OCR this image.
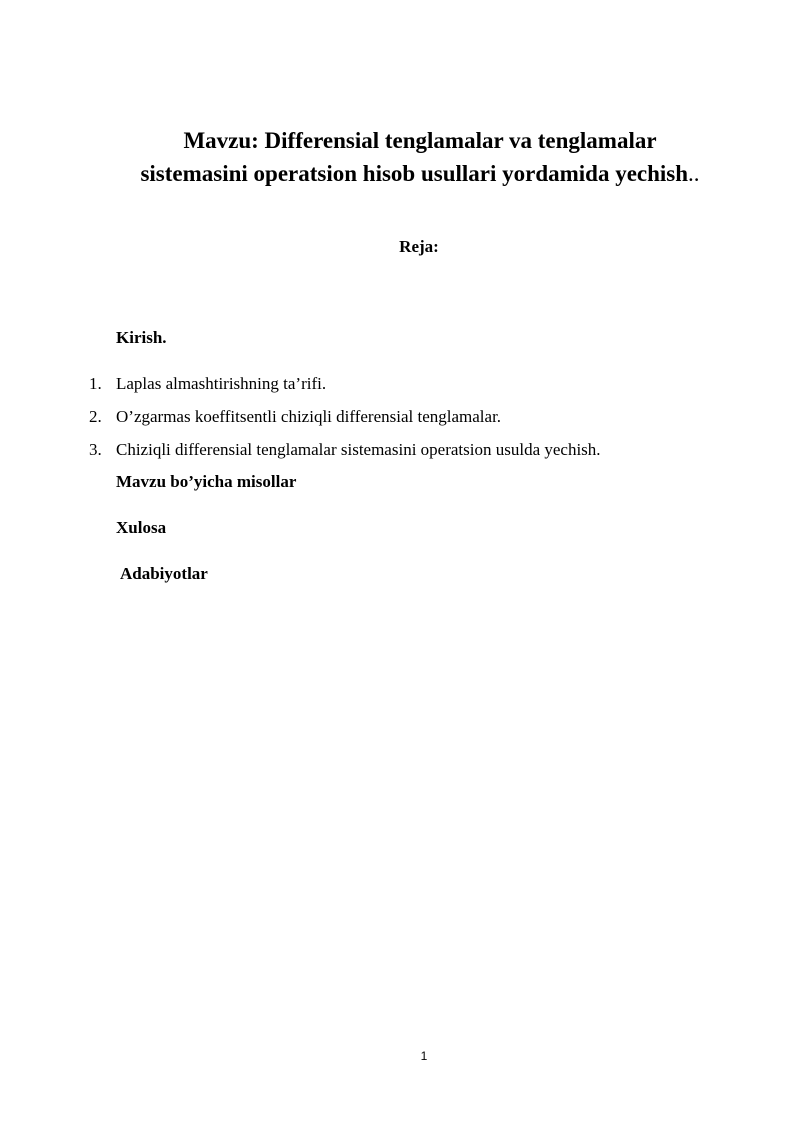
Mavzu: Differensial tenglamalar va tenglamalar
sistemasini operatsion hisob usullari yordamida yechish..
Reja:
Kirish.
1. Laplas almashtirishning ta’rifi.
2. O’zgarmas koeffitsentli chiziqli differensial tenglamalar.
3. Chiziqli differensial tenglamalar sistemasini operatsion usulda yechish.
Mavzu bo’yicha misollar
Xulosa
Adabiyotlar
1
